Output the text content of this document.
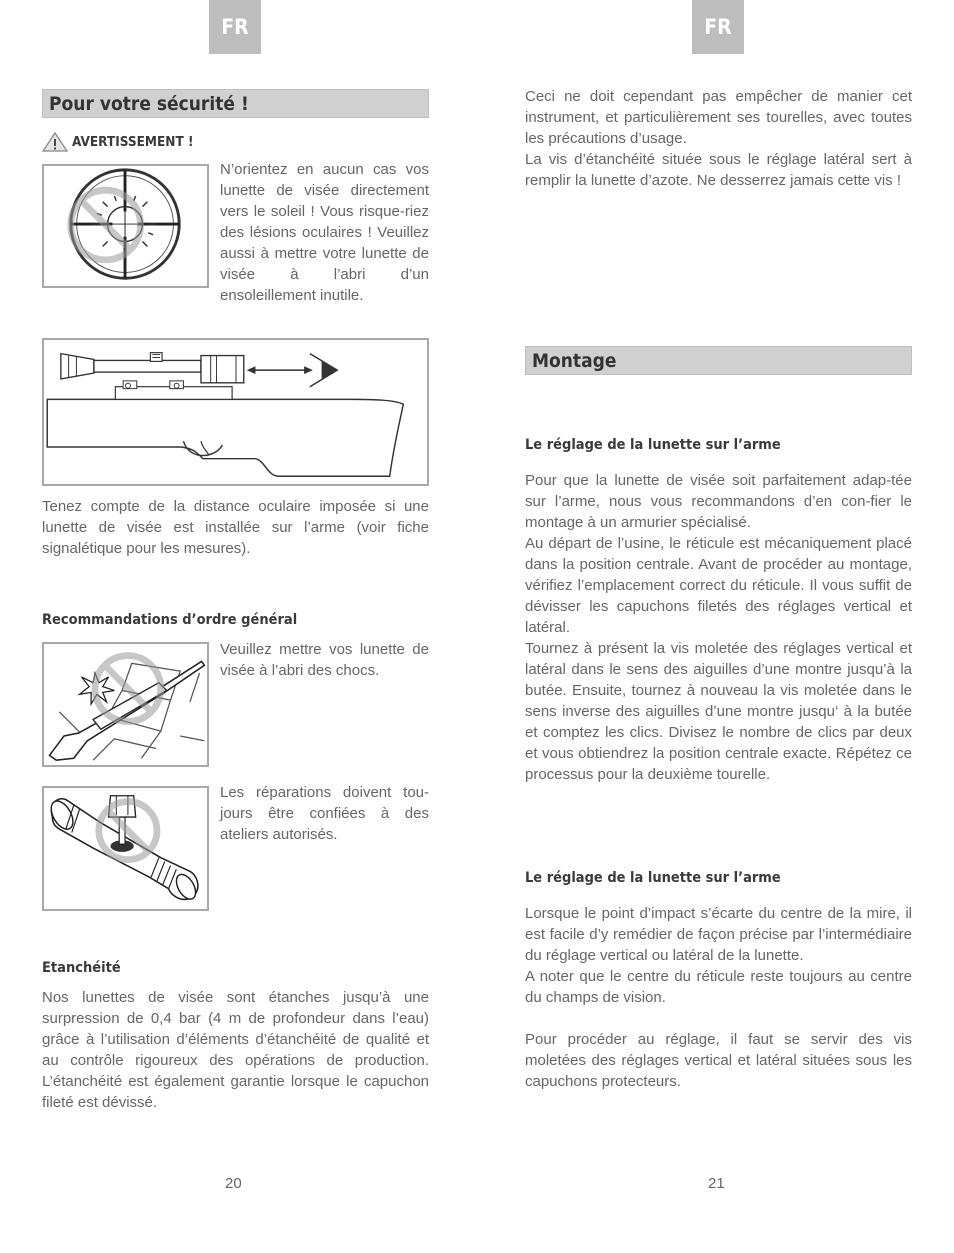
FR
Pour votre sécurité !
AVERTISSEMENT !
N’orientez en aucun cas vos lunette de visée directement vers le soleil ! Vous risque-riez des lésions oculaires ! Veuillez aussi à mettre votre lunette de visée à l’abri d’un ensoleillement inutile.
Tenez compte de la distance oculaire imposée si une lunette de visée est installée sur l’arme (voir fiche signalétique pour les mesures).
Recommandations d’ordre général
Veuillez mettre vos lunette de visée à l’abri des chocs.
Les réparations doivent tou-jours être confiées à des ateliers autorisés.
Etanchéité
Nos lunettes de visée sont étanches jusqu’à une surpression de 0,4 bar (4 m de profondeur dans l’eau) grâce à l’utilisation d’éléments d’étanchéité de qualité et au contrôle rigoureux des opérations de production. L’étanchéité est également garantie lorsque le capuchon fileté est dévissé.
20
FR

Ceci ne doit cependant pas empêcher de manier cet instrument, et particulièrement ses tourelles, avec toutes les précautions d’usage.

La vis d’étanchéité située sous le réglage latéral sert à remplir la lunette d’azote. Ne desserrez jamais cette vis !

Montage
Le réglage de la lunette sur l’arme

Pour que la lunette de visée soit parfaitement adap-tée sur l’arme, nous vous recommandons d’en con-fier le montage à un armurier spécialisé.

Au départ de l’usine, le réticule est mécaniquement placé dans la position centrale. Avant de procéder au montage, vérifiez l’emplacement correct du réticule. Il vous suffit de dévisser les capuchons filetés des réglages vertical et latéral.

Tournez à présent la vis moletée des réglages vertical et latéral dans le sens des aiguilles d’une montre jusqu’à la butée. Ensuite, tournez à nouveau la vis moletée dans le sens inverse des aiguilles d’une montre jusqu‘ à la butée et comptez les clics. Divisez le nombre de clics par deux et vous obtiendrez la position centrale exacte. Répétez ce processus pour la deuxième tourelle.

Le réglage de la lunette sur l’arme

Lorsque le point d’impact s’écarte du centre de la mire, il est facile d’y remédier de façon précise par l’intermédiaire du réglage vertical ou latéral de la lunette.

A noter que le centre du réticule reste toujours au centre du champs de vision.

Pour procéder au réglage, il faut se servir des vis moletées des réglages vertical et latéral situées sous les capuchons protecteurs.

21
